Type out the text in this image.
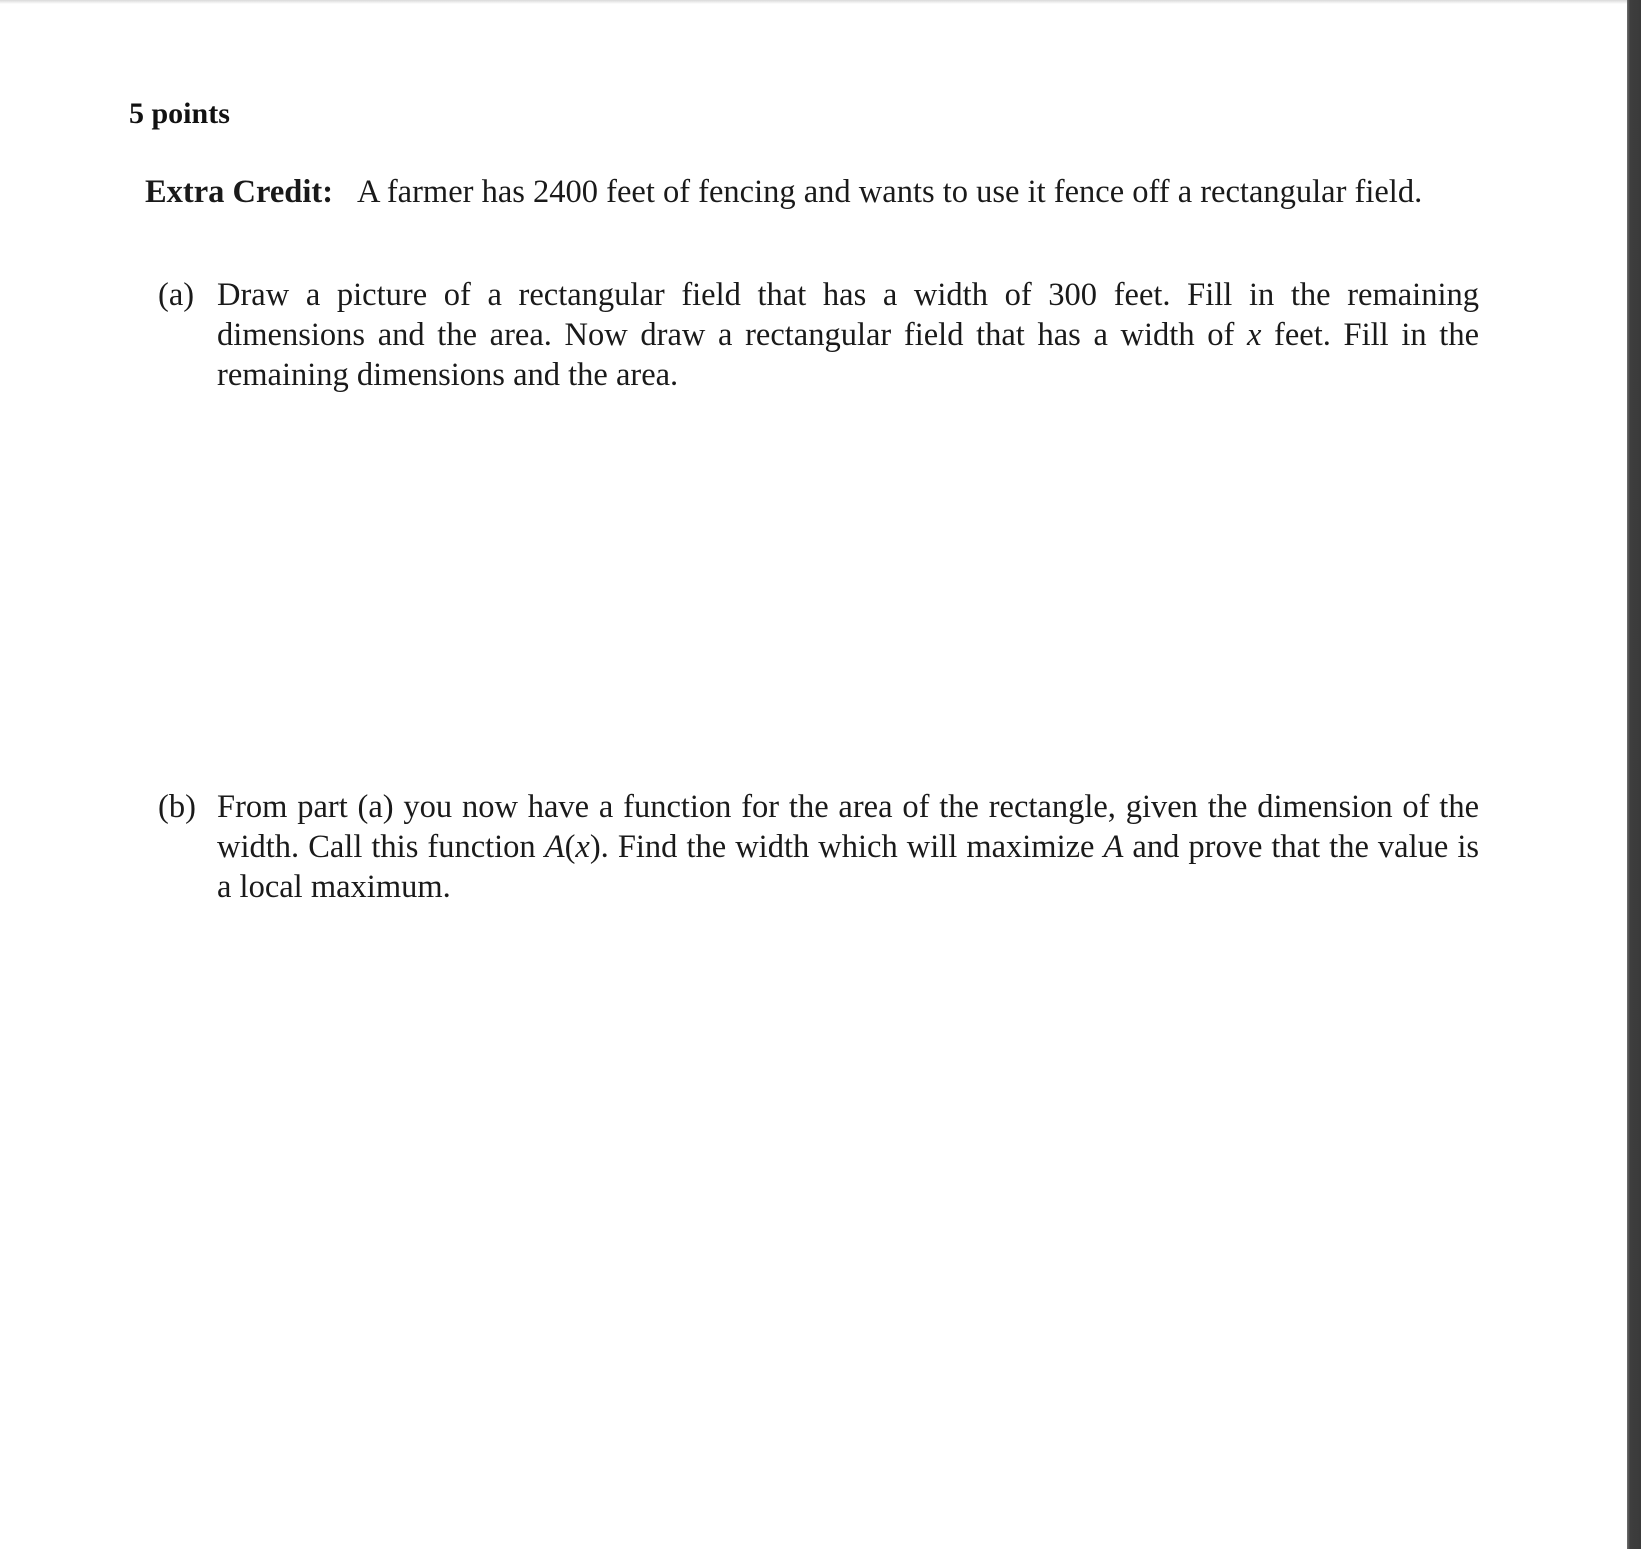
5 points

Extra Credit: A farmer has 2400 feet of fencing and wants to use it fence off a rectangular field.

(a) Draw a picture of a rectangular field that has a width of 300 feet. Fill in the remaining dimensions and the area. Now draw a rectangular field that has a width of x feet. Fill in the remaining dimensions and the area.

(b) From part (a) you now have a function for the area of the rectangle, given the dimension of the width. Call this function A(x). Find the width which will maximize A and prove that the value is a local maximum.
